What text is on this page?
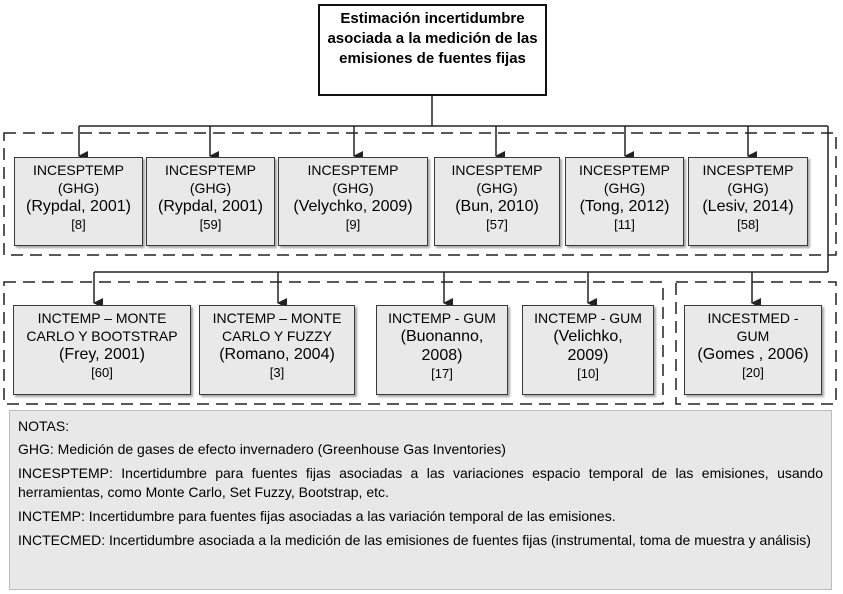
Estimación incertidumbre asociada a la medición de las emisiones de fuentes fijas
INCESPTEMP
(GHG)
(Rypdal, 2001)
[8]
INCESPTEMP
(GHG)
(Rypdal, 2001)
[59]
INCESPTEMP
(GHG)
(Velychko, 2009)
[9]
INCESPTEMP
(GHG)
(Bun, 2010)
[57]
INCESPTEMP
(GHG)
(Tong, 2012)
[11]
INCESPTEMP
(GHG)
(Lesiv, 2014)
[58]
INCTEMP – MONTE
CARLO Y BOOTSTRAP
(Frey, 2001)
[60]
INCTEMP – MONTE
CARLO Y FUZZY
(Romano, 2004)
[3]
INCTEMP - GUM
(Buonanno,
2008)
[17]
INCTEMP - GUM
(Velichko,
2009)
[10]
INCESTMED -
GUM
(Gomes , 2006)
[20]
NOTAS:
GHG: Medición de gases de efecto invernadero (Greenhouse Gas Inventories)
INCESPTEMP: Incertidumbre para fuentes fijas asociadas a las variaciones espacio temporal de las emisiones, usando herramientas, como Monte Carlo, Set Fuzzy, Bootstrap, etc.
INCTEMP: Incertidumbre para fuentes fijas asociadas a las variación temporal de las emisiones.
INCTECMED: Incertidumbre asociada a la medición de las emisiones de fuentes fijas (instrumental, toma de muestra y análisis)
